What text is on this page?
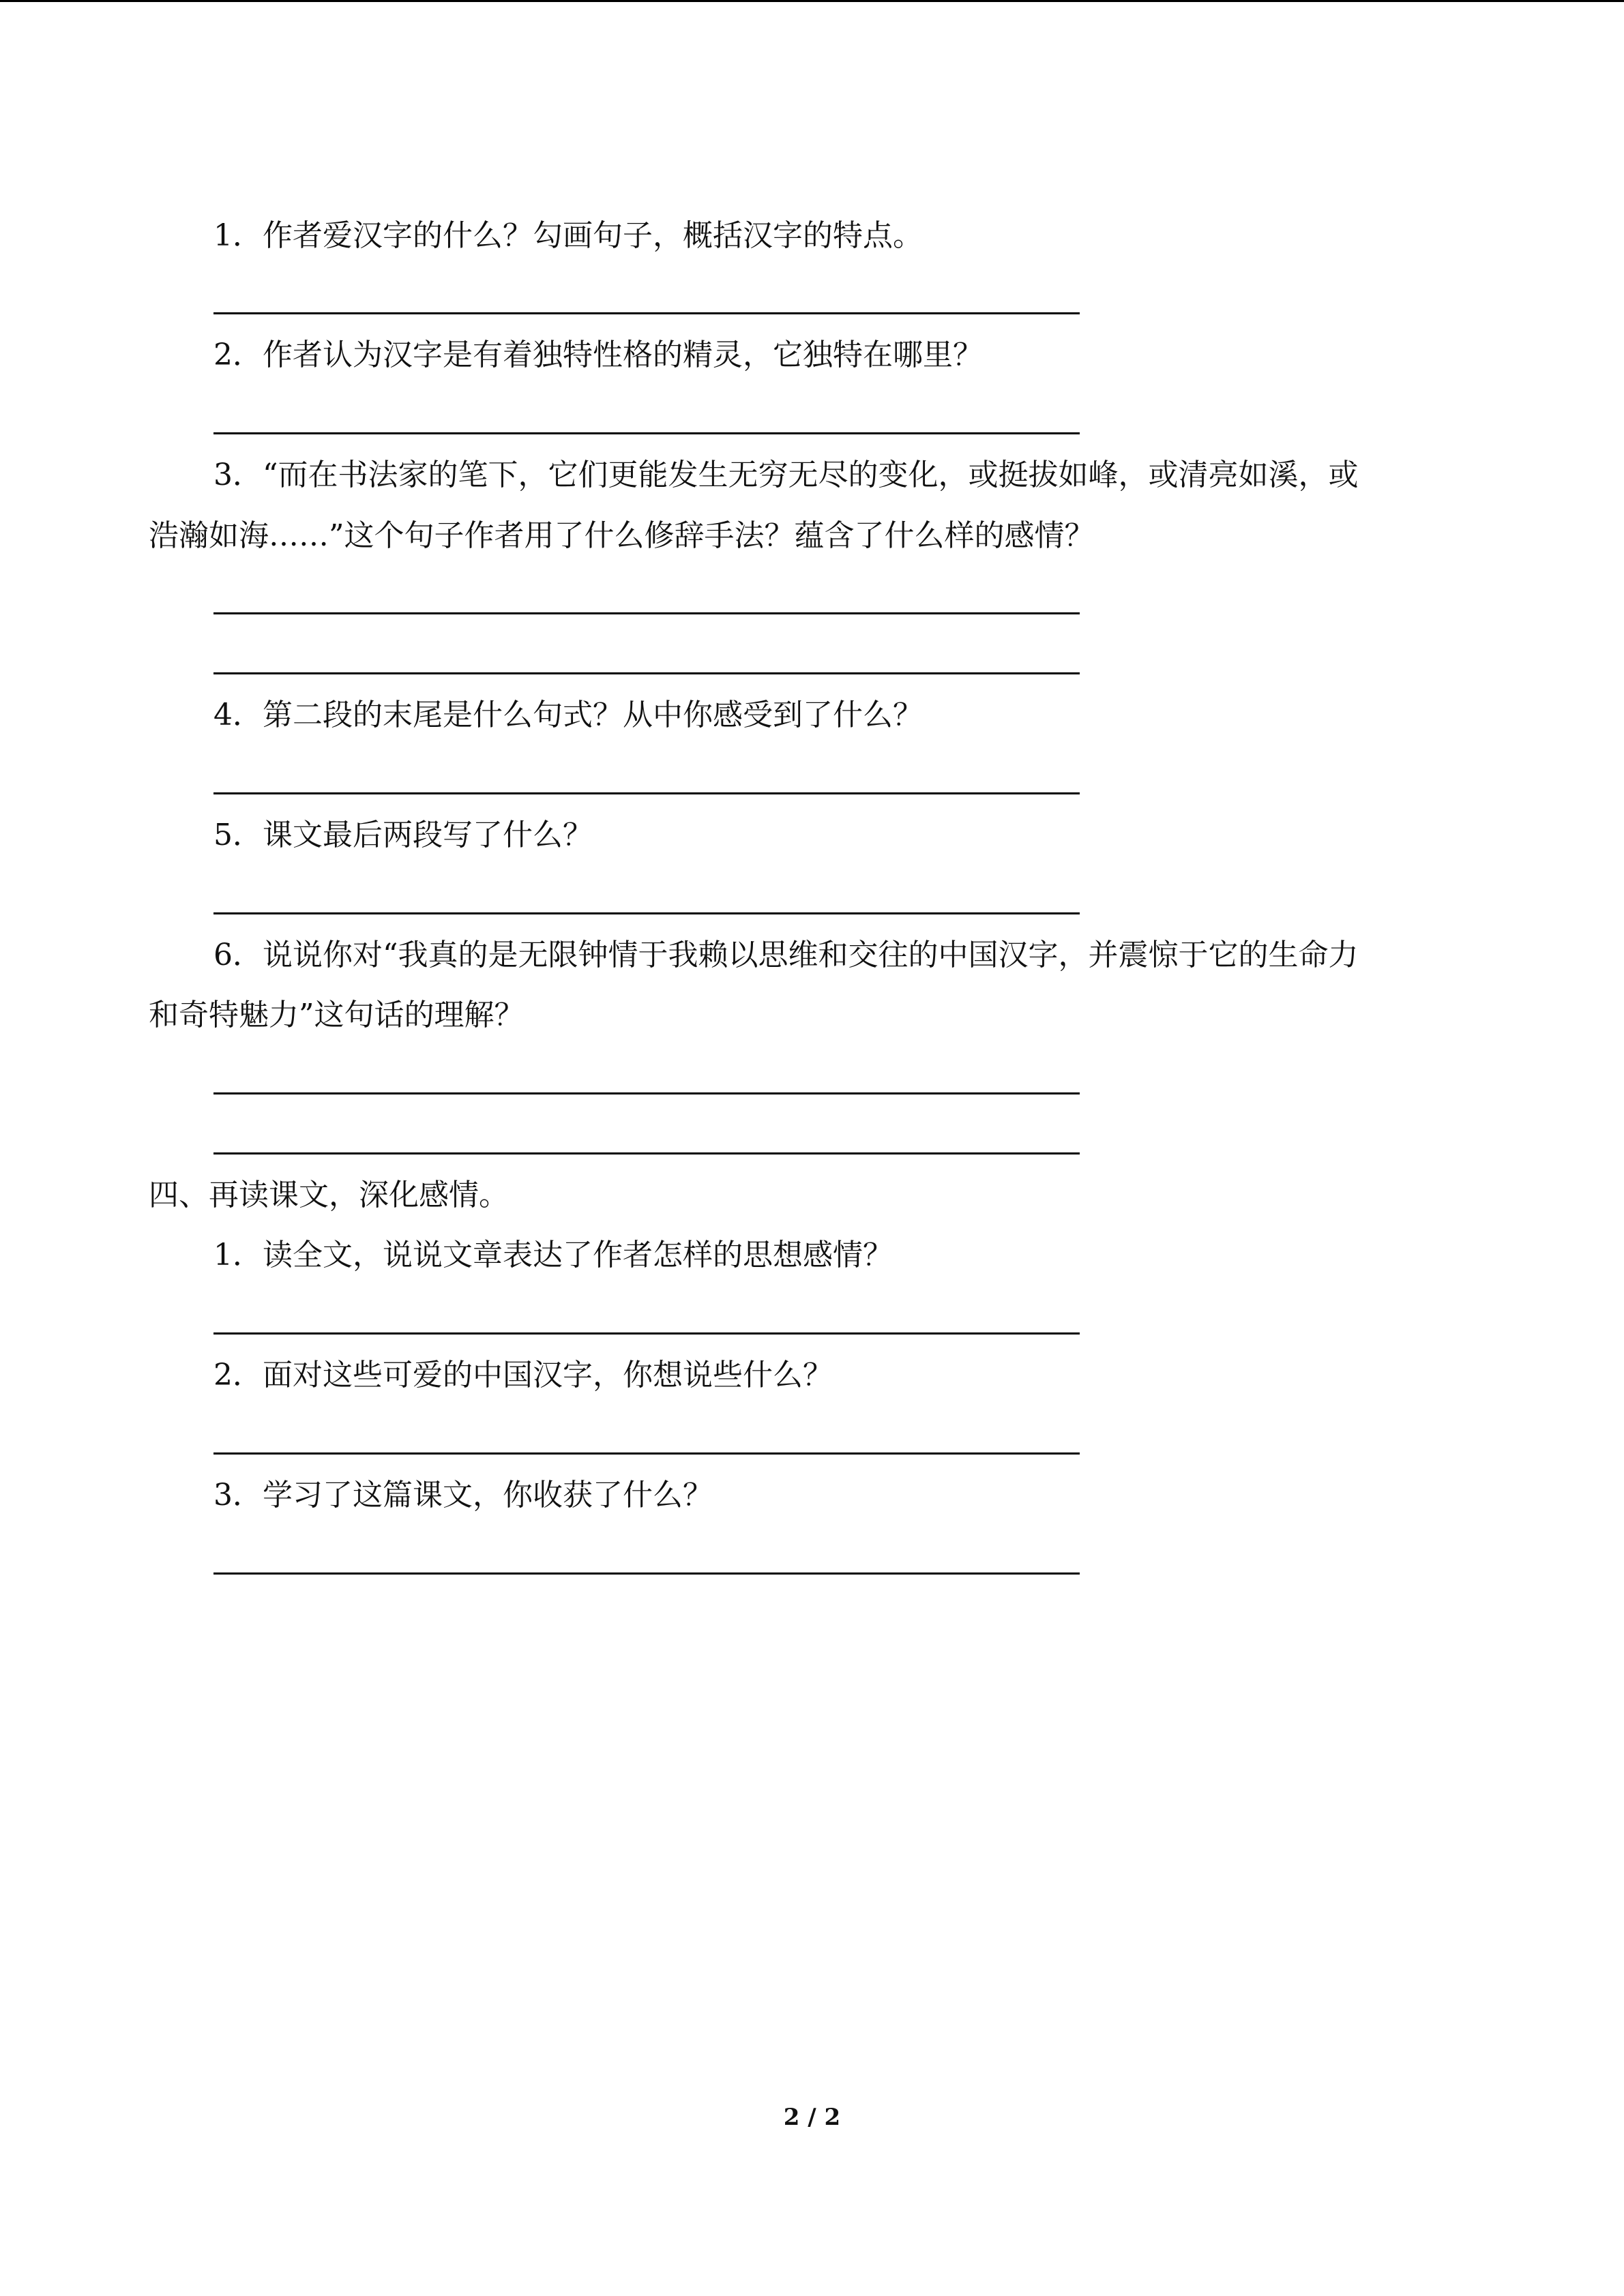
1．作者爱汉字的什么？勾画句子，概括汉字的特点。
2．作者认为汉字是有着独特性格的精灵，它独特在哪里？
3．“而在书法家的笔下，它们更能发生无穷无尽的变化，或挺拔如峰，或清亮如溪，或
浩瀚如海……”这个句子作者用了什么修辞手法？蕴含了什么样的感情？
4．第二段的末尾是什么句式？从中你感受到了什么？
5．课文最后两段写了什么？
6．说说你对“我真的是无限钟情于我赖以思维和交往的中国汉字，并震惊于它的生命力
和奇特魅力”这句话的理解？
四、再读课文，深化感情。
1．读全文，说说文章表达了作者怎样的思想感情？
2．面对这些可爱的中国汉字，你想说些什么？
3．学习了这篇课文，你收获了什么？
2 / 2
